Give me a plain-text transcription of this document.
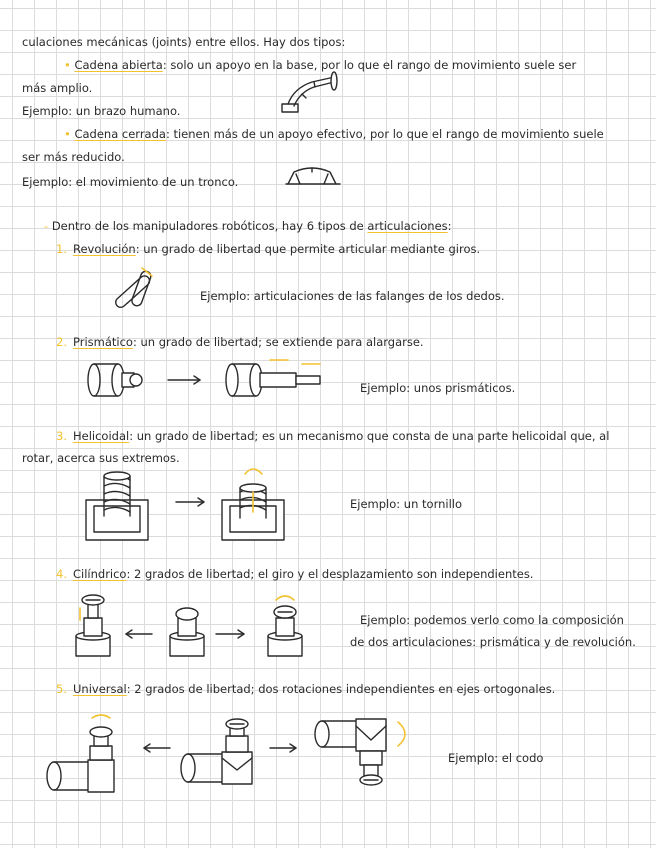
culaciones mecánicas (joints) entre ellos. Hay dos tipos:
• Cadena abierta: solo un apoyo en la base, por lo que el rango de movimiento suele ser
más amplio.
Ejemplo: un brazo humano.
• Cadena cerrada: tienen más de un apoyo efectivo, por lo que el rango de movimiento suele
ser más reducido.
Ejemplo: el movimiento de un tronco.
- Dentro de los manipuladores robóticos, hay 6 tipos de articulaciones:
1. Revolución: un grado de libertad que permite articular mediante giros.
Ejemplo: articulaciones de las falanges de los dedos.
2. Prismático: un grado de libertad; se extiende para alargarse.
Ejemplo: unos prismáticos.
3. Helicoidal: un grado de libertad; es un mecanismo que consta de una parte helicoidal que, al
rotar, acerca sus extremos.
Ejemplo: un tornillo
4. Cilíndrico: 2 grados de libertad; el giro y el desplazamiento son independientes.
Ejemplo: podemos verlo como la composición
de dos articulaciones: prismática y de revolución.
5. Universal: 2 grados de libertad; dos rotaciones independientes en ejes ortogonales.
Ejemplo: el codo
